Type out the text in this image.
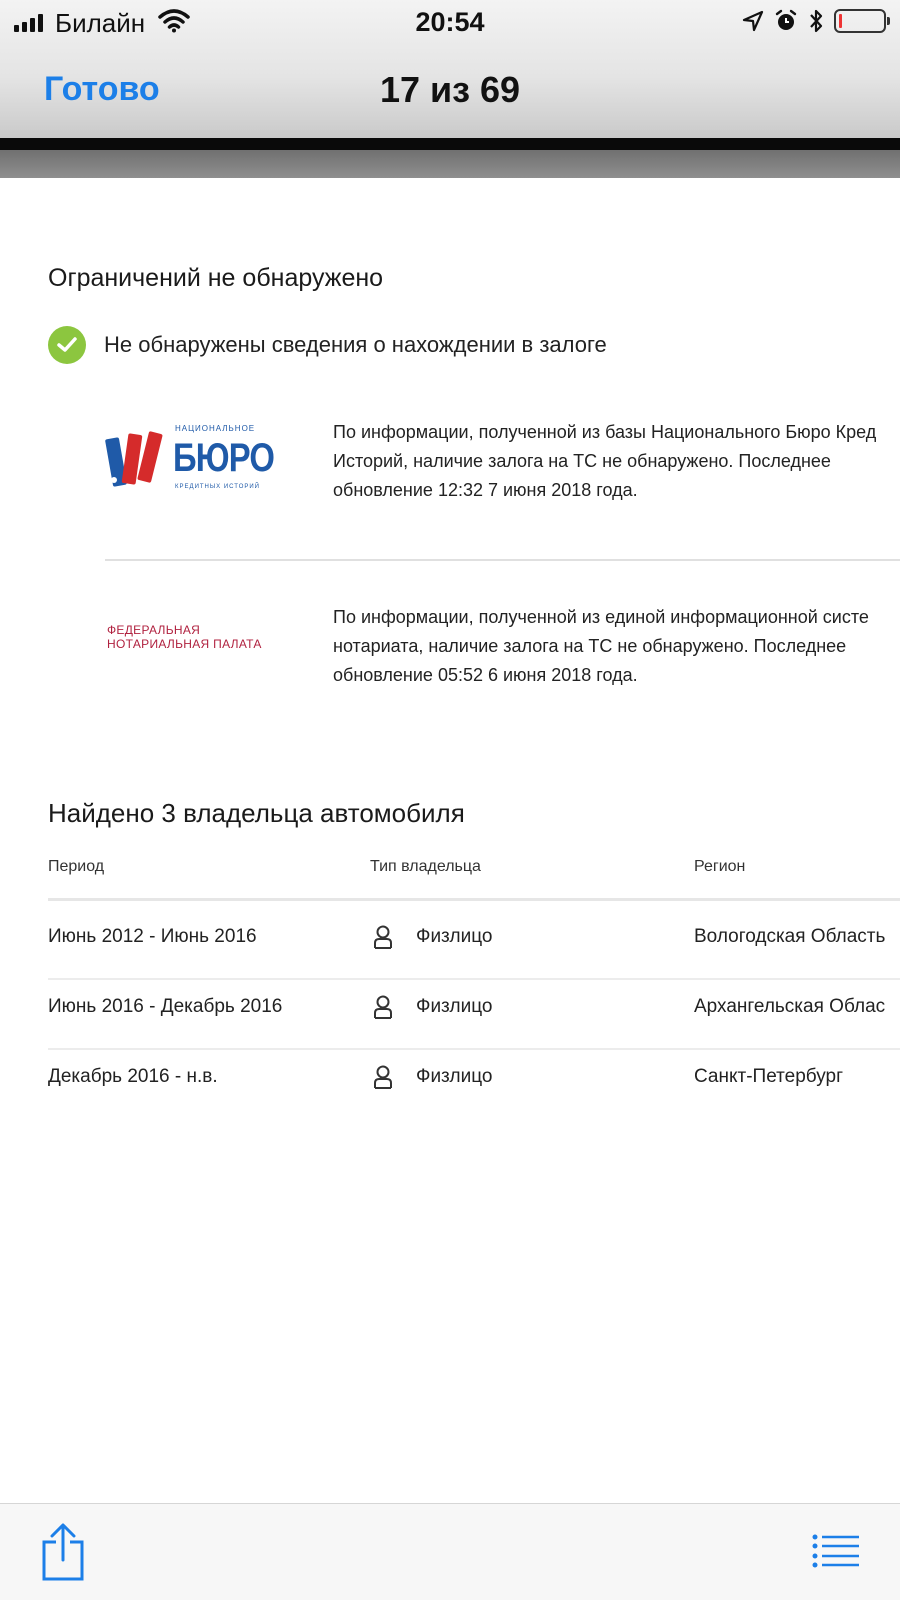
Билайн	20:54
Готово	17 из 69
Ограничений не обнаружено
Не обнаружены сведения о нахождении в залоге
НАЦИОНАЛЬНОЕ
БЮРО
КРЕДИТНЫХ ИСТОРИЙ
По информации, полученной из базы Национального Бюро Кред
Историй, наличие залога на ТС не обнаружено. Последнее
обновление 12:32 7 июня 2018 года.
ФЕДЕРАЛЬНАЯ
НОТАРИАЛЬНАЯ ПАЛАТА
По информации, полученной из единой информационной систе
нотариата, наличие залога на ТС не обнаружено. Последнее
обновление 05:52 6 июня 2018 года.
Найдено 3 владельца автомобиля
Период	Тип владельца	Регион
Июнь 2012 - Июнь 2016	Физлицо	Вологодская Область
Июнь 2016 - Декабрь 2016	Физлицо	Архангельская Облас
Декабрь 2016 - н.в.	Физлицо	Санкт-Петербург
